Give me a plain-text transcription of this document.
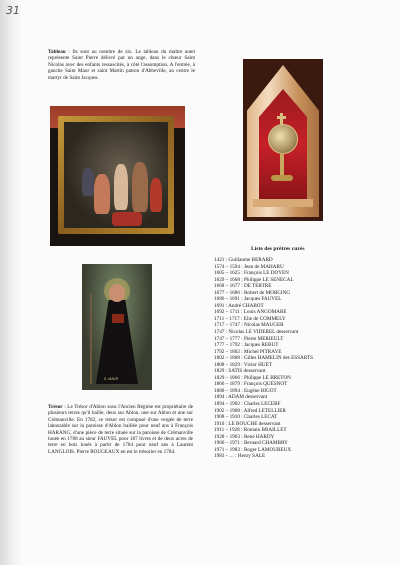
31

Tableau : Ils sont au nombre de six. Le tableau du maître autel représente Saint Pierre délivré par un ange, dans le chœur Saint Nicolas avec des enfants ressuscités, à côté l'assomption. A l'entrée, à gauche Saint Maur et saint Martin patron d'Abbeville, au centre le martyr de Saint Jacques.

S. MAVR

Trésor : Le Trésor d'Ablon sous l'Ancien Régime est propriétaire de plusieurs terres qu'il baille, deux sur Ablon, une sur Ablon et une sur Crémanville. En 1782, ce trésor est composé d'une vergée de terre labourable sur la paroisse d'Ablon baillée pour neuf ans à François HARANG, d'une pièce de terre située sur la paroisse de Crémanville louée en 1788 au sieur FAUVEL pour 187 livres et de deux acres de terre en bois loués à partir de 1784 pour neuf ans à Laurent LANGLOIS. Pierre ROUGEAUX en est le trésorier en 1784.

Liste des prêtres curés

1421 : Guillaume BERARD
1574 – 1594 : Jean de MAHARU
1605 – 1625 : François LE DOYEN
1629 – 1668 : Philippe LE SENECAL
1668 – 1677 : DE TERTRE
1677 – 1686 : Robert de MORCING
1686 – 1691 : Jacques FAUVEL
1691 : André CHABOT
1692 – 1711 : Louis ANGOMARE
1711 – 1717 : Elie de COMMELY
1717 – 1747 : Nicolas MAUGER
1747 : Nicolas LE VIDEREL desservant
1747 – 1777 : Pierre MERIEULT
1777 – 1792 : Jacques REBUT
1792 – 1802 : Michel PITRAYE
1802 – 1808 : Gilles HAMELIN des ESSARTS
1808 – 1829 : Victor HUET
1829 : SATIS desservant
1829 – 1866 : Philippe LE BRETON
1866 – 1879 : François QUESNOT
1880 – 1894 : Eugène BIGOT
1894 : ADAM desservant
1894 – 1902 : Charles LECERF
1902 – 1908 : Alfred LETELLIER
1908 – 1910 : Charles LECAT
1910 : LE BOUCHE desservant
1911 – 1928 : Romain BRAILLET
1928 – 1963 : René HARDY
1966 – 1971 : Bernard CHAMBRY
1971 – 1983 : Roger LAMOUREUX
1983 - … : Henry SALE
